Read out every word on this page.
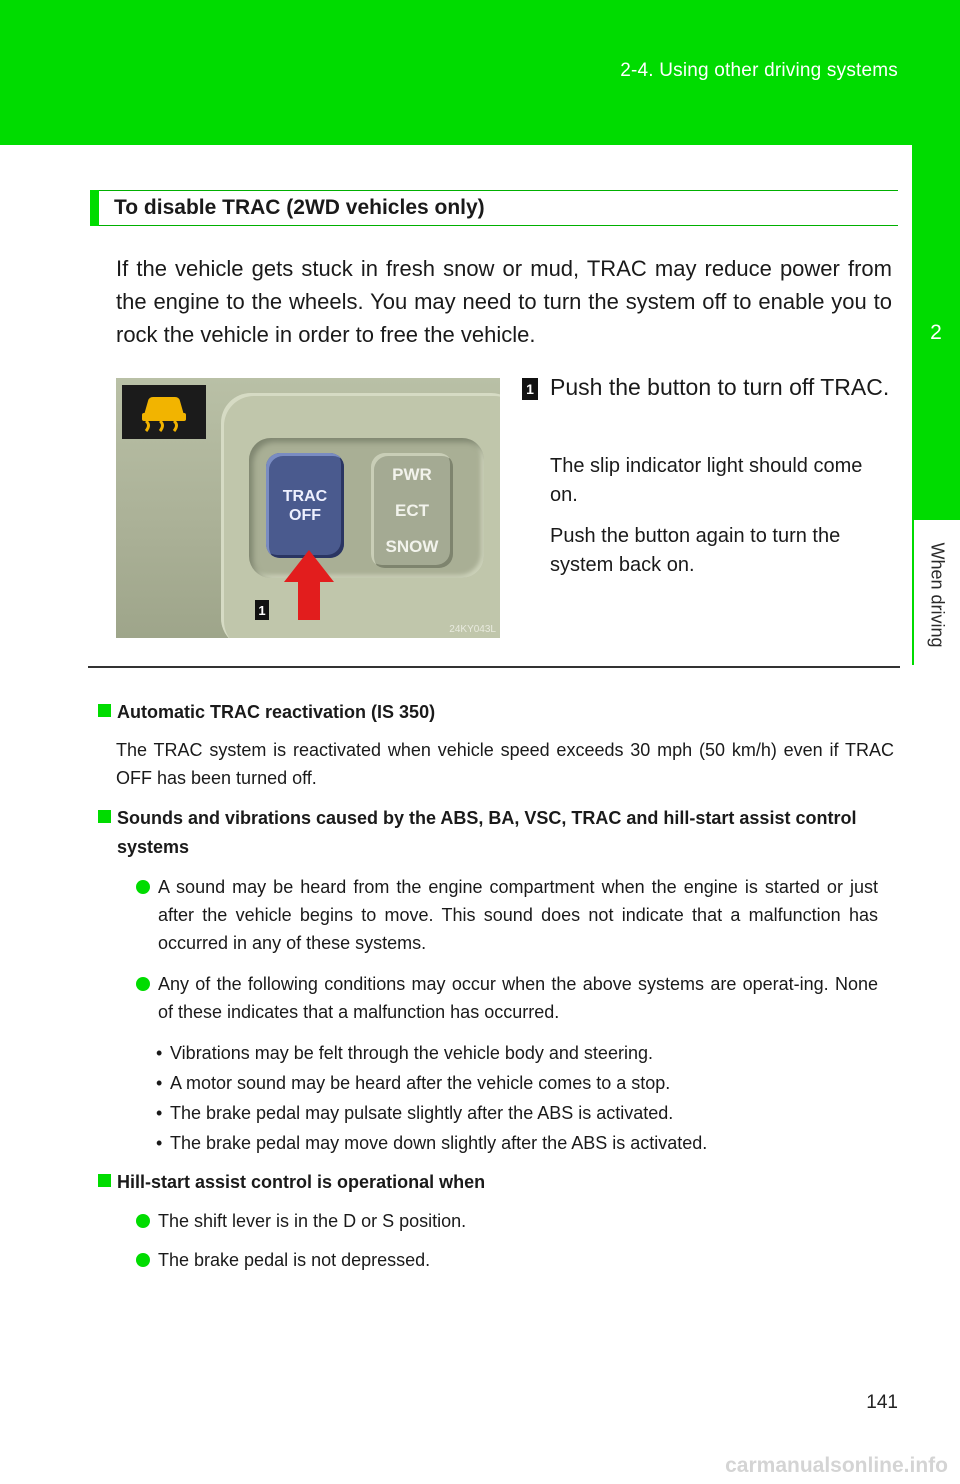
2-4. Using other driving systems
2
When driving
To disable TRAC (2WD vehicles only)
If the vehicle gets stuck in fresh snow or mud, TRAC may reduce power from the engine to the wheels. You may need to turn the system off to enable you to rock the vehicle in order to free the vehicle.
TRAC
OFF
PWR
ECT
SNOW
1
24KY043L
1 Push the button to turn off TRAC.
The slip indicator light should come on.
Push the button again to turn the system back on.
Automatic TRAC reactivation (IS 350)
The TRAC system is reactivated when vehicle speed exceeds 30 mph (50 km/h) even if TRAC OFF has been turned off.
Sounds and vibrations caused by the ABS, BA, VSC, TRAC and hill-start assist control systems
A sound may be heard from the engine compartment when the engine is started or just after the vehicle begins to move. This sound does not indicate that a malfunction has occurred in any of these systems.
Any of the following conditions may occur when the above systems are operat-ing. None of these indicates that a malfunction has occurred.
• Vibrations may be felt through the vehicle body and steering.
• A motor sound may be heard after the vehicle comes to a stop.
• The brake pedal may pulsate slightly after the ABS is activated.
• The brake pedal may move down slightly after the ABS is activated.
Hill-start assist control is operational when
The shift lever is in the D or S position.
The brake pedal is not depressed.
141
carmanualsonline.info
